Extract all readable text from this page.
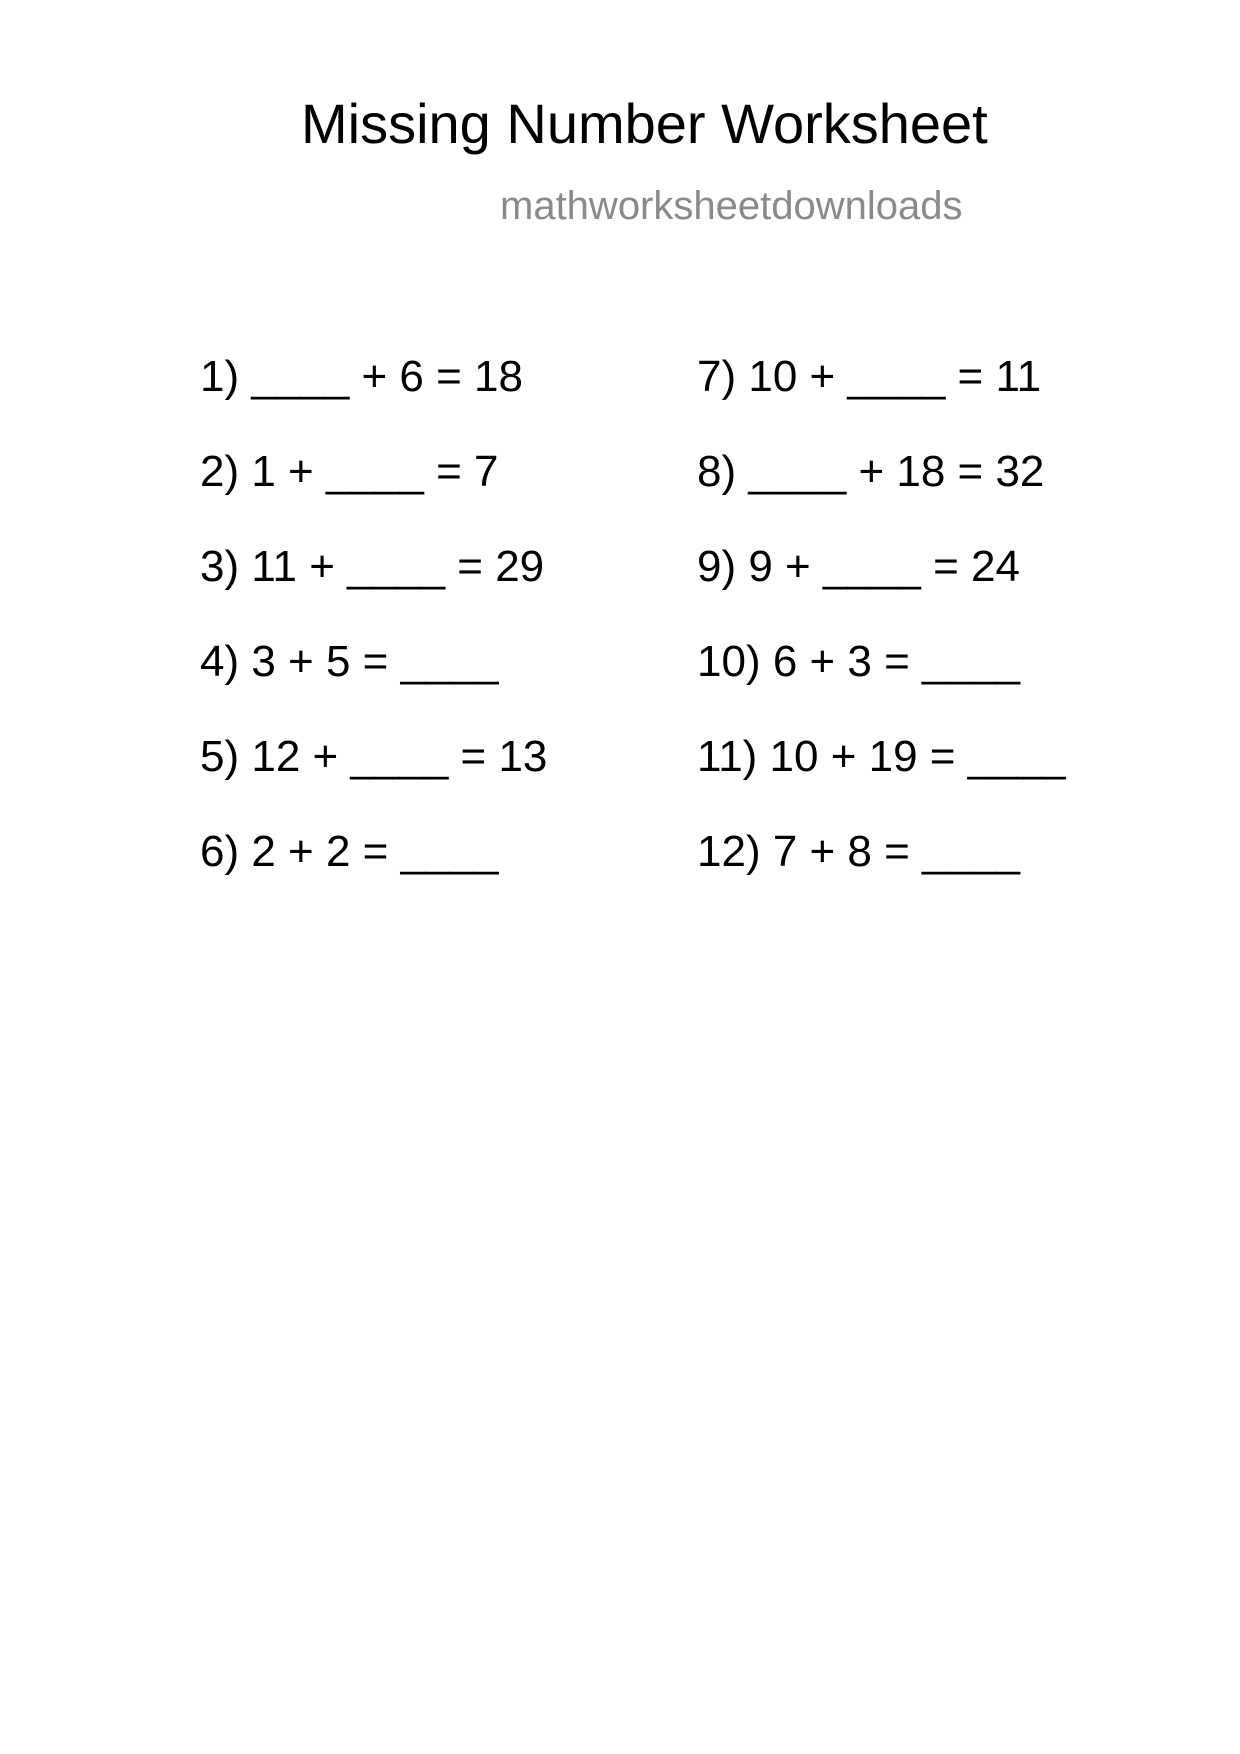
Missing Number Worksheet
mathworksheetdownloads
1) ____ + 6 = 18
2) 1 + ____ = 7
3) 11 + ____ = 29
4) 3 + 5 = ____
5) 12 + ____ = 13
6) 2 + 2 = ____
7) 10 + ____ = 11
8) ____ + 18 = 32
9) 9 + ____ = 24
10) 6 + 3 = ____
11) 10 + 19 = ____
12) 7 + 8 = ____
